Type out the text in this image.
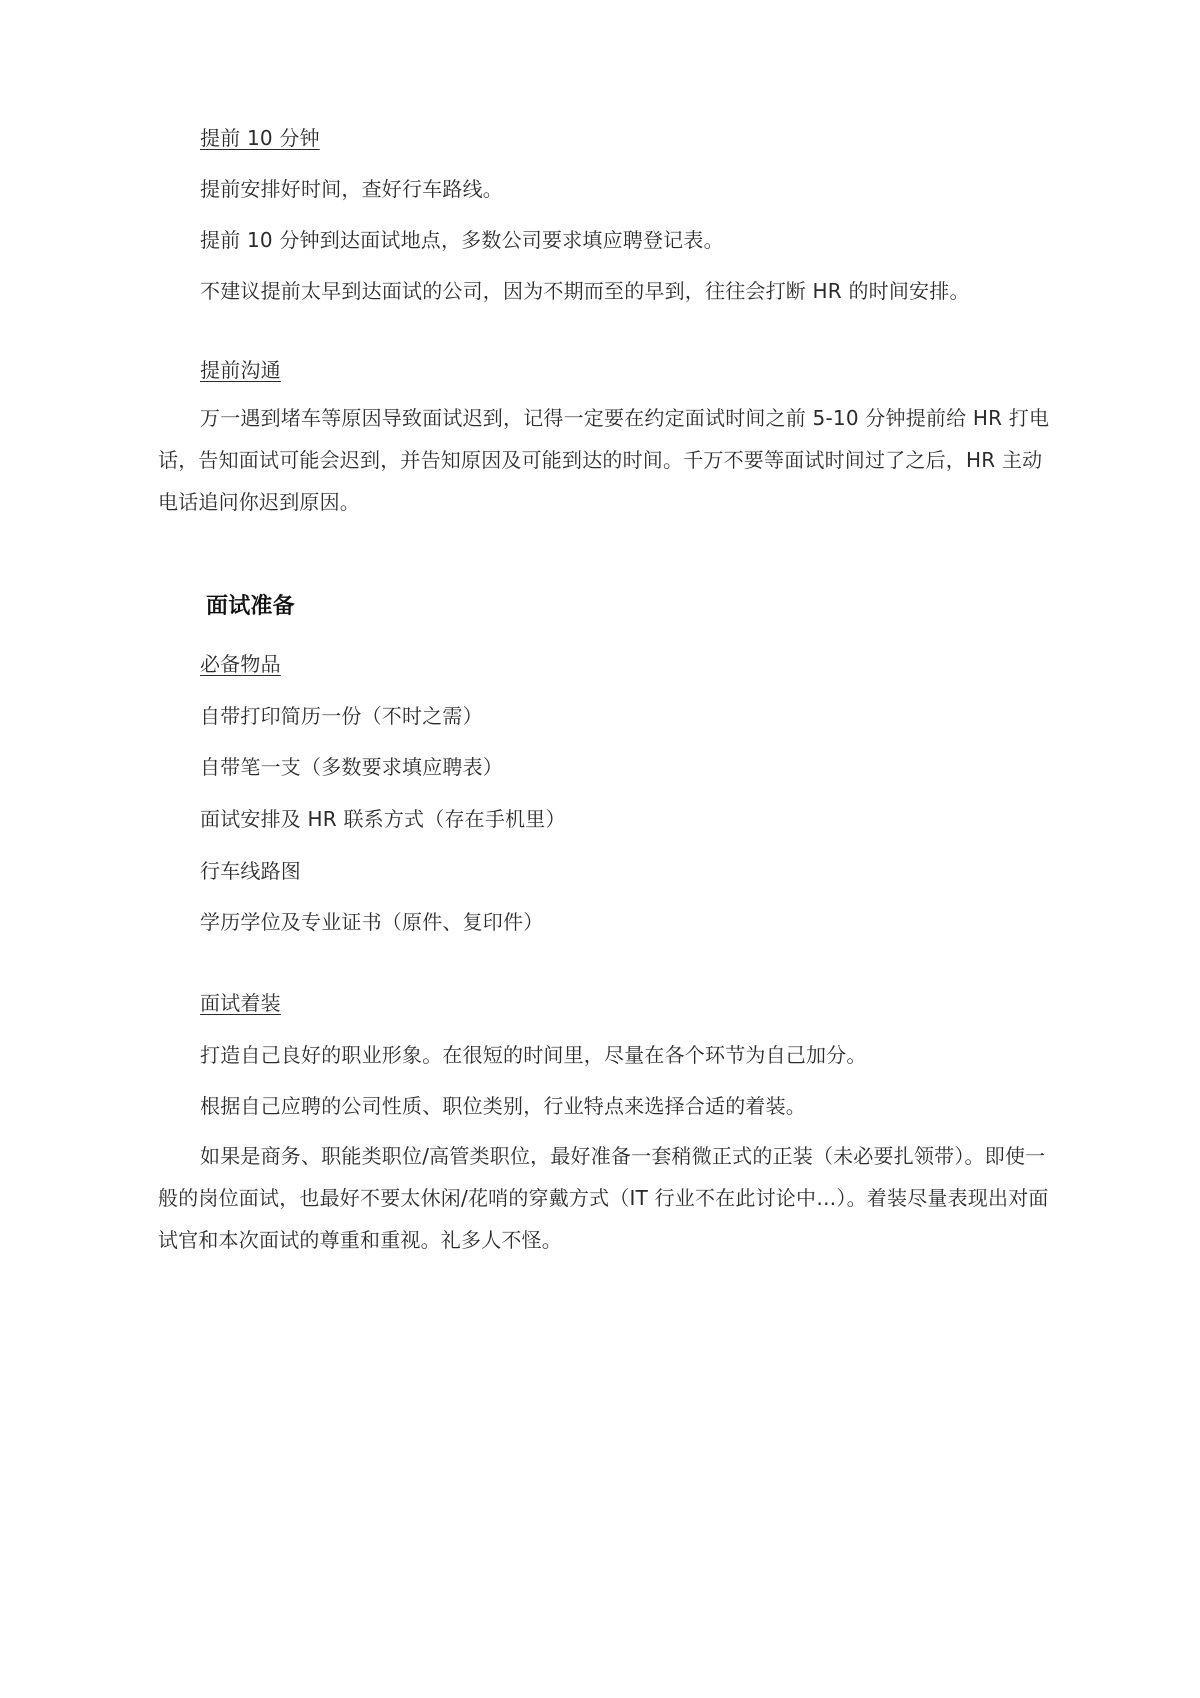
提前 10 分钟

提前安排好时间，查好行车路线。

提前 10 分钟到达面试地点，多数公司要求填应聘登记表。

不建议提前太早到达面试的公司，因为不期而至的早到，往往会打断 HR 的时间安排。

提前沟通

万一遇到堵车等原因导致面试迟到，记得一定要在约定面试时间之前 5-10 分钟提前给 HR 打电话，告知面试可能会迟到，并告知原因及可能到达的时间。千万不要等面试时间过了之后，HR 主动电话追问你迟到原因。

面试准备

必备物品

自带打印简历一份（不时之需）

自带笔一支（多数要求填应聘表）

面试安排及 HR 联系方式（存在手机里）

行车线路图

学历学位及专业证书（原件、复印件）

面试着装

打造自己良好的职业形象。在很短的时间里，尽量在各个环节为自己加分。

根据自己应聘的公司性质、职位类别，行业特点来选择合适的着装。

如果是商务、职能类职位/高管类职位，最好准备一套稍微正式的正装（未必要扎领带）。即使一般的岗位面试，也最好不要太休闲/花哨的穿戴方式（IT 行业不在此讨论中…）。着装尽量表现出对面试官和本次面试的尊重和重视。礼多人不怪。
